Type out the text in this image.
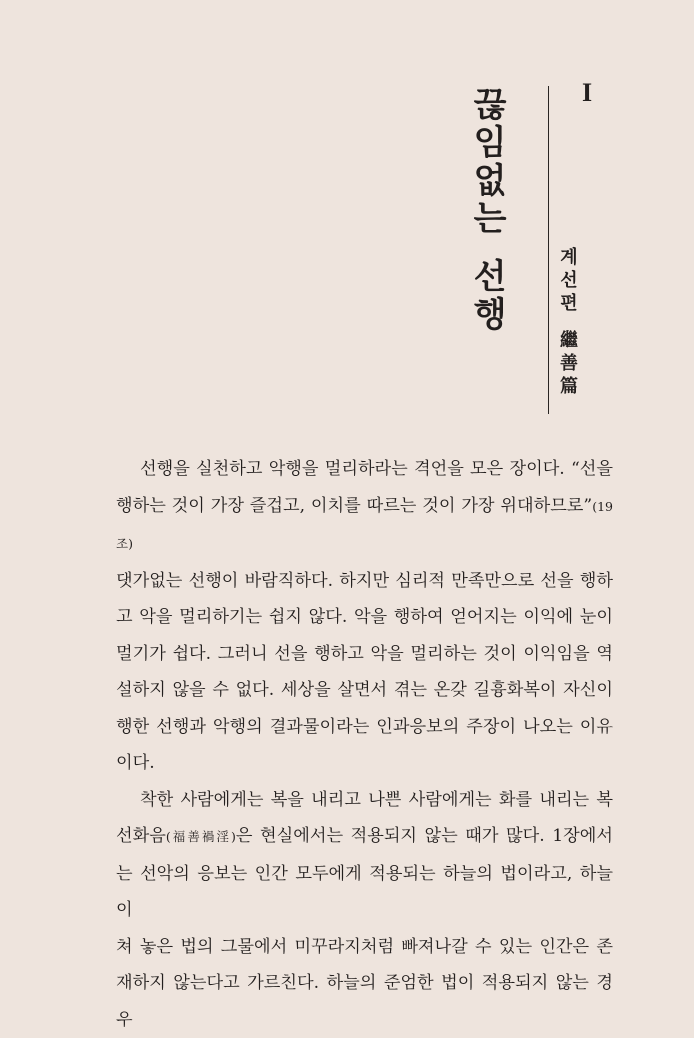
I
끊
임
없
는
선
행
계
선
편
繼
善
篇

선행을 실천하고 악행을 멀리하라는 격언을 모은 장이다. “선을

행하는 것이 가장 즐겁고, 이치를 따르는 것이 가장 위대하므로”(19조)

댓가없는 선행이 바람직하다. 하지만 심리적 만족만으로 선을 행하

고 악을 멀리하기는 쉽지 않다. 악을 행하여 얻어지는 이익에 눈이

멀기가 쉽다. 그러니 선을 행하고 악을 멀리하는 것이 이익임을 역

설하지 않을 수 없다. 세상을 살면서 겪는 온갖 길흉화복이 자신이

행한 선행과 악행의 결과물이라는 인과응보의 주장이 나오는 이유

이다.

착한 사람에게는 복을 내리고 나쁜 사람에게는 화를 내리는 복

선화음(福善禍淫)은 현실에서는 적용되지 않는 때가 많다. 1장에서

는 선악의 응보는 인간 모두에게 적용되는 하늘의 법이라고, 하늘이

쳐 놓은 법의 그물에서 미꾸라지처럼 빠져나갈 수 있는 인간은 존

재하지 않는다고 가르친다. 하늘의 준엄한 법이 적용되지 않는 경우
